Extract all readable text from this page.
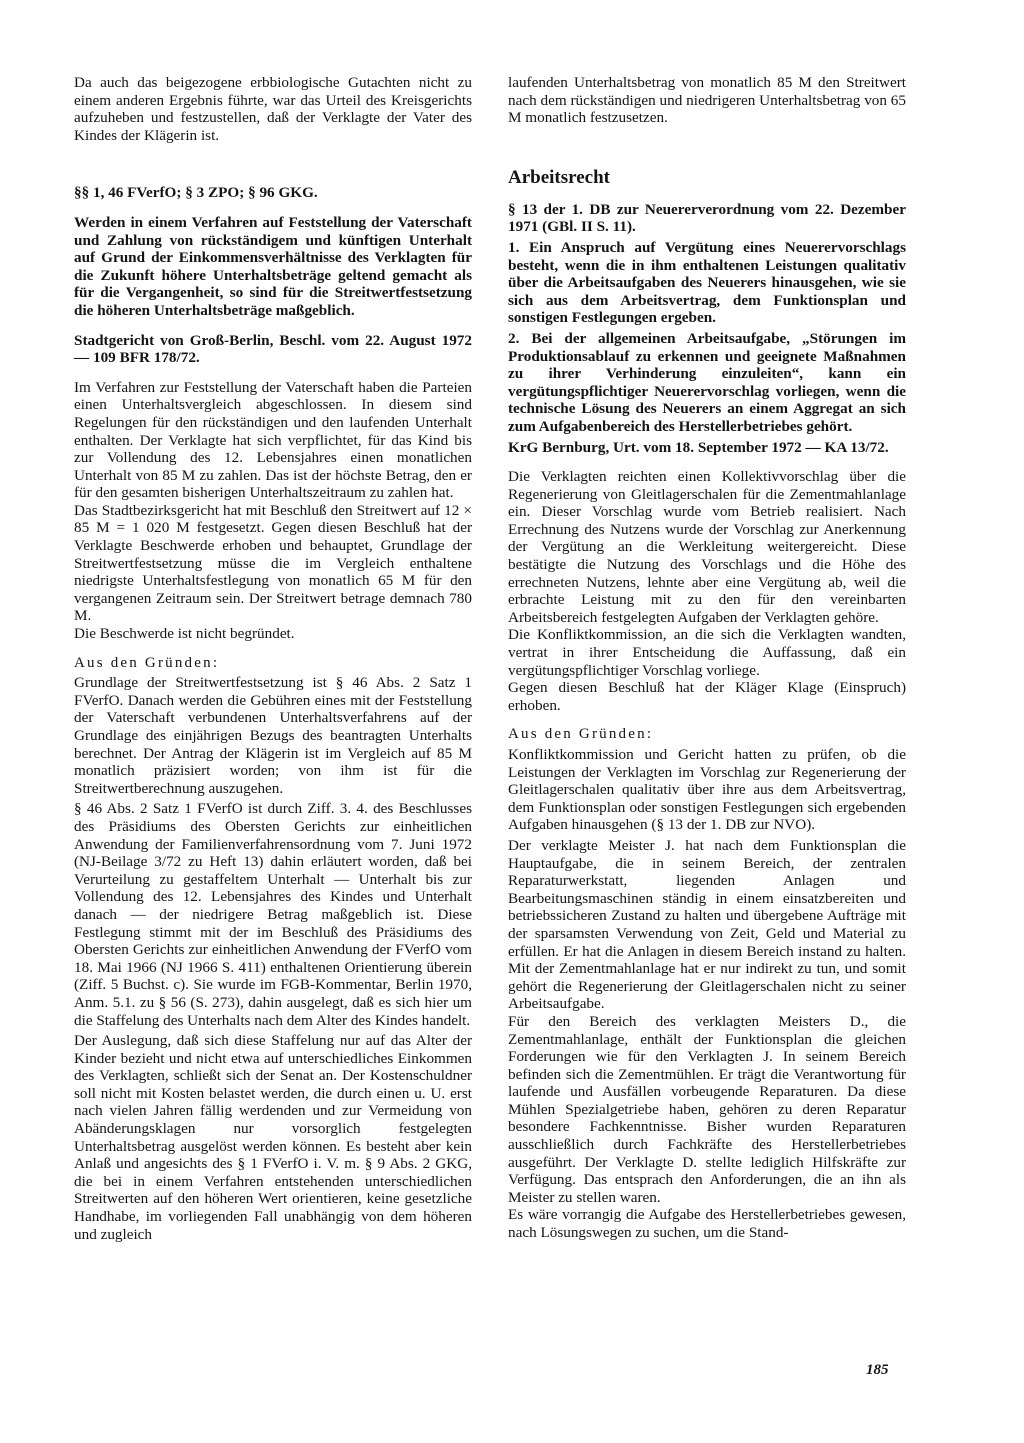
Da auch das beigezogene erbbiologische Gutachten nicht zu einem anderen Ergebnis führte, war das Urteil des Kreisgerichts aufzuheben und festzustellen, daß der Verklagte der Vater des Kindes der Klägerin ist.

§§ 1, 46 FVerfO; § 3 ZPO; § 96 GKG.

Werden in einem Verfahren auf Feststellung der Vaterschaft und Zahlung von rückständigem und künftigen Unterhalt auf Grund der Einkommensverhältnisse des Verklagten für die Zukunft höhere Unterhaltsbeträge geltend gemacht als für die Vergangenheit, so sind für die Streitwertfestsetzung die höheren Unterhaltsbeträge maßgeblich.

Stadtgericht von Groß-Berlin, Beschl. vom 22. August 1972 — 109 BFR 178/72.

Im Verfahren zur Feststellung der Vaterschaft haben die Parteien einen Unterhaltsvergleich abgeschlossen. In diesem sind Regelungen für den rückständigen und den laufenden Unterhalt enthalten. Der Verklagte hat sich verpflichtet, für das Kind bis zur Vollendung des 12. Lebensjahres einen monatlichen Unterhalt von 85 M zu zahlen. Das ist der höchste Betrag, den er für den gesamten bisherigen Unterhaltszeitraum zu zahlen hat.

Das Stadtbezirksgericht hat mit Beschluß den Streitwert auf 12 × 85 M = 1 020 M festgesetzt. Gegen diesen Beschluß hat der Verklagte Beschwerde erhoben und behauptet, Grundlage der Streitwertfestsetzung müsse die im Vergleich enthaltene niedrigste Unterhaltsfestlegung von monatlich 65 M für den vergangenen Zeitraum sein. Der Streitwert betrage demnach 780 M.

Die Beschwerde ist nicht begründet.

Aus den Gründen:

Grundlage der Streitwertfestsetzung ist § 46 Abs. 2 Satz 1 FVerfO. Danach werden die Gebühren eines mit der Feststellung der Vaterschaft verbundenen Unterhaltsverfahrens auf der Grundlage des einjährigen Bezugs des beantragten Unterhalts berechnet. Der Antrag der Klägerin ist im Vergleich auf 85 M monatlich präzisiert worden; von ihm ist für die Streitwertberechnung auszugehen.

§ 46 Abs. 2 Satz 1 FVerfO ist durch Ziff. 3. 4. des Beschlusses des Präsidiums des Obersten Gerichts zur einheitlichen Anwendung der Familienverfahrensordnung vom 7. Juni 1972 (NJ-Beilage 3/72 zu Heft 13) dahin erläutert worden, daß bei Verurteilung zu gestaffeltem Unterhalt — Unterhalt bis zur Vollendung des 12. Lebensjahres des Kindes und Unterhalt danach — der niedrigere Betrag maßgeblich ist. Diese Festlegung stimmt mit der im Beschluß des Präsidiums des Obersten Gerichts zur einheitlichen Anwendung der FVerfO vom 18. Mai 1966 (NJ 1966 S. 411) enthaltenen Orientierung überein (Ziff. 5 Buchst. c). Sie wurde im FGB-Kommentar, Berlin 1970, Anm. 5.1. zu § 56 (S. 273), dahin ausgelegt, daß es sich hier um die Staffelung des Unterhalts nach dem Alter des Kindes handelt.

Der Auslegung, daß sich diese Staffelung nur auf das Alter der Kinder bezieht und nicht etwa auf unterschiedliches Einkommen des Verklagten, schließt sich der Senat an. Der Kostenschuldner soll nicht mit Kosten belastet werden, die durch einen u. U. erst nach vielen Jahren fällig werdenden und zur Vermeidung von Abänderungsklagen nur vorsorglich festgelegten Unterhaltsbetrag ausgelöst werden können. Es besteht aber kein Anlaß und angesichts des § 1 FVerfO i. V. m. § 9 Abs. 2 GKG, die bei in einem Verfahren entstehenden unterschiedlichen Streitwerten auf den höheren Wert orientieren, keine gesetzliche Handhabe, im vorliegenden Fall unabhängig von dem höheren und zugleich

laufenden Unterhaltsbetrag von monatlich 85 M den Streitwert nach dem rückständigen und niedrigeren Unterhaltsbetrag von 65 M monatlich festzusetzen.

Arbeitsrecht

§ 13 der 1. DB zur Neuererverordnung vom 22. Dezember 1971 (GBl. II S. 11).

1. Ein Anspruch auf Vergütung eines Neuerervorschlags besteht, wenn die in ihm enthaltenen Leistungen qualitativ über die Arbeitsaufgaben des Neuerers hinausgehen, wie sie sich aus dem Arbeitsvertrag, dem Funktionsplan und sonstigen Festlegungen ergeben.

2. Bei der allgemeinen Arbeitsaufgabe, „Störungen im Produktionsablauf zu erkennen und geeignete Maßnahmen zu ihrer Verhinderung einzuleiten“, kann ein vergütungspflichtiger Neuerervorschlag vorliegen, wenn die technische Lösung des Neuerers an einem Aggregat an sich zum Aufgabenbereich des Herstellerbetriebes gehört.

KrG Bernburg, Urt. vom 18. September 1972 — KA 13/72.

Die Verklagten reichten einen Kollektivvorschlag über die Regenerierung von Gleitlagerschalen für die Zementmahlanlage ein. Dieser Vorschlag wurde vom Betrieb realisiert. Nach Errechnung des Nutzens wurde der Vorschlag zur Anerkennung der Vergütung an die Werkleitung weitergereicht. Diese bestätigte die Nutzung des Vorschlags und die Höhe des errechneten Nutzens, lehnte aber eine Vergütung ab, weil die erbrachte Leistung mit zu den für den vereinbarten Arbeitsbereich festgelegten Aufgaben der Verklagten gehöre.

Die Konfliktkommission, an die sich die Verklagten wandten, vertrat in ihrer Entscheidung die Auffassung, daß ein vergütungspflichtiger Vorschlag vorliege.

Gegen diesen Beschluß hat der Kläger Klage (Einspruch) erhoben.

Aus den Gründen:

Konfliktkommission und Gericht hatten zu prüfen, ob die Leistungen der Verklagten im Vorschlag zur Regenerierung der Gleitlagerschalen qualitativ über ihre aus dem Arbeitsvertrag, dem Funktionsplan oder sonstigen Festlegungen sich ergebenden Aufgaben hinausgehen (§ 13 der 1. DB zur NVO).

Der verklagte Meister J. hat nach dem Funktionsplan die Hauptaufgabe, die in seinem Bereich, der zentralen Reparaturwerkstatt, liegenden Anlagen und Bearbeitungsmaschinen ständig in einem einsatzbereiten und betriebssicheren Zustand zu halten und übergebene Aufträge mit der sparsamsten Verwendung von Zeit, Geld und Material zu erfüllen. Er hat die Anlagen in diesem Bereich instand zu halten. Mit der Zementmahlanlage hat er nur indirekt zu tun, und somit gehört die Regenerierung der Gleitlagerschalen nicht zu seiner Arbeitsaufgabe.

Für den Bereich des verklagten Meisters D., die Zementmahlanlage, enthält der Funktionsplan die gleichen Forderungen wie für den Verklagten J. In seinem Bereich befinden sich die Zementmühlen. Er trägt die Verantwortung für laufende und Ausfällen vorbeugende Reparaturen. Da diese Mühlen Spezialgetriebe haben, gehören zu deren Reparatur besondere Fachkenntnisse. Bisher wurden Reparaturen ausschließlich durch Fachkräfte des Herstellerbetriebes ausgeführt. Der Verklagte D. stellte lediglich Hilfskräfte zur Verfügung. Das entsprach den Anforderungen, die an ihn als Meister zu stellen waren.

Es wäre vorrangig die Aufgabe des Herstellerbetriebes gewesen, nach Lösungswegen zu suchen, um die Stand-

185
